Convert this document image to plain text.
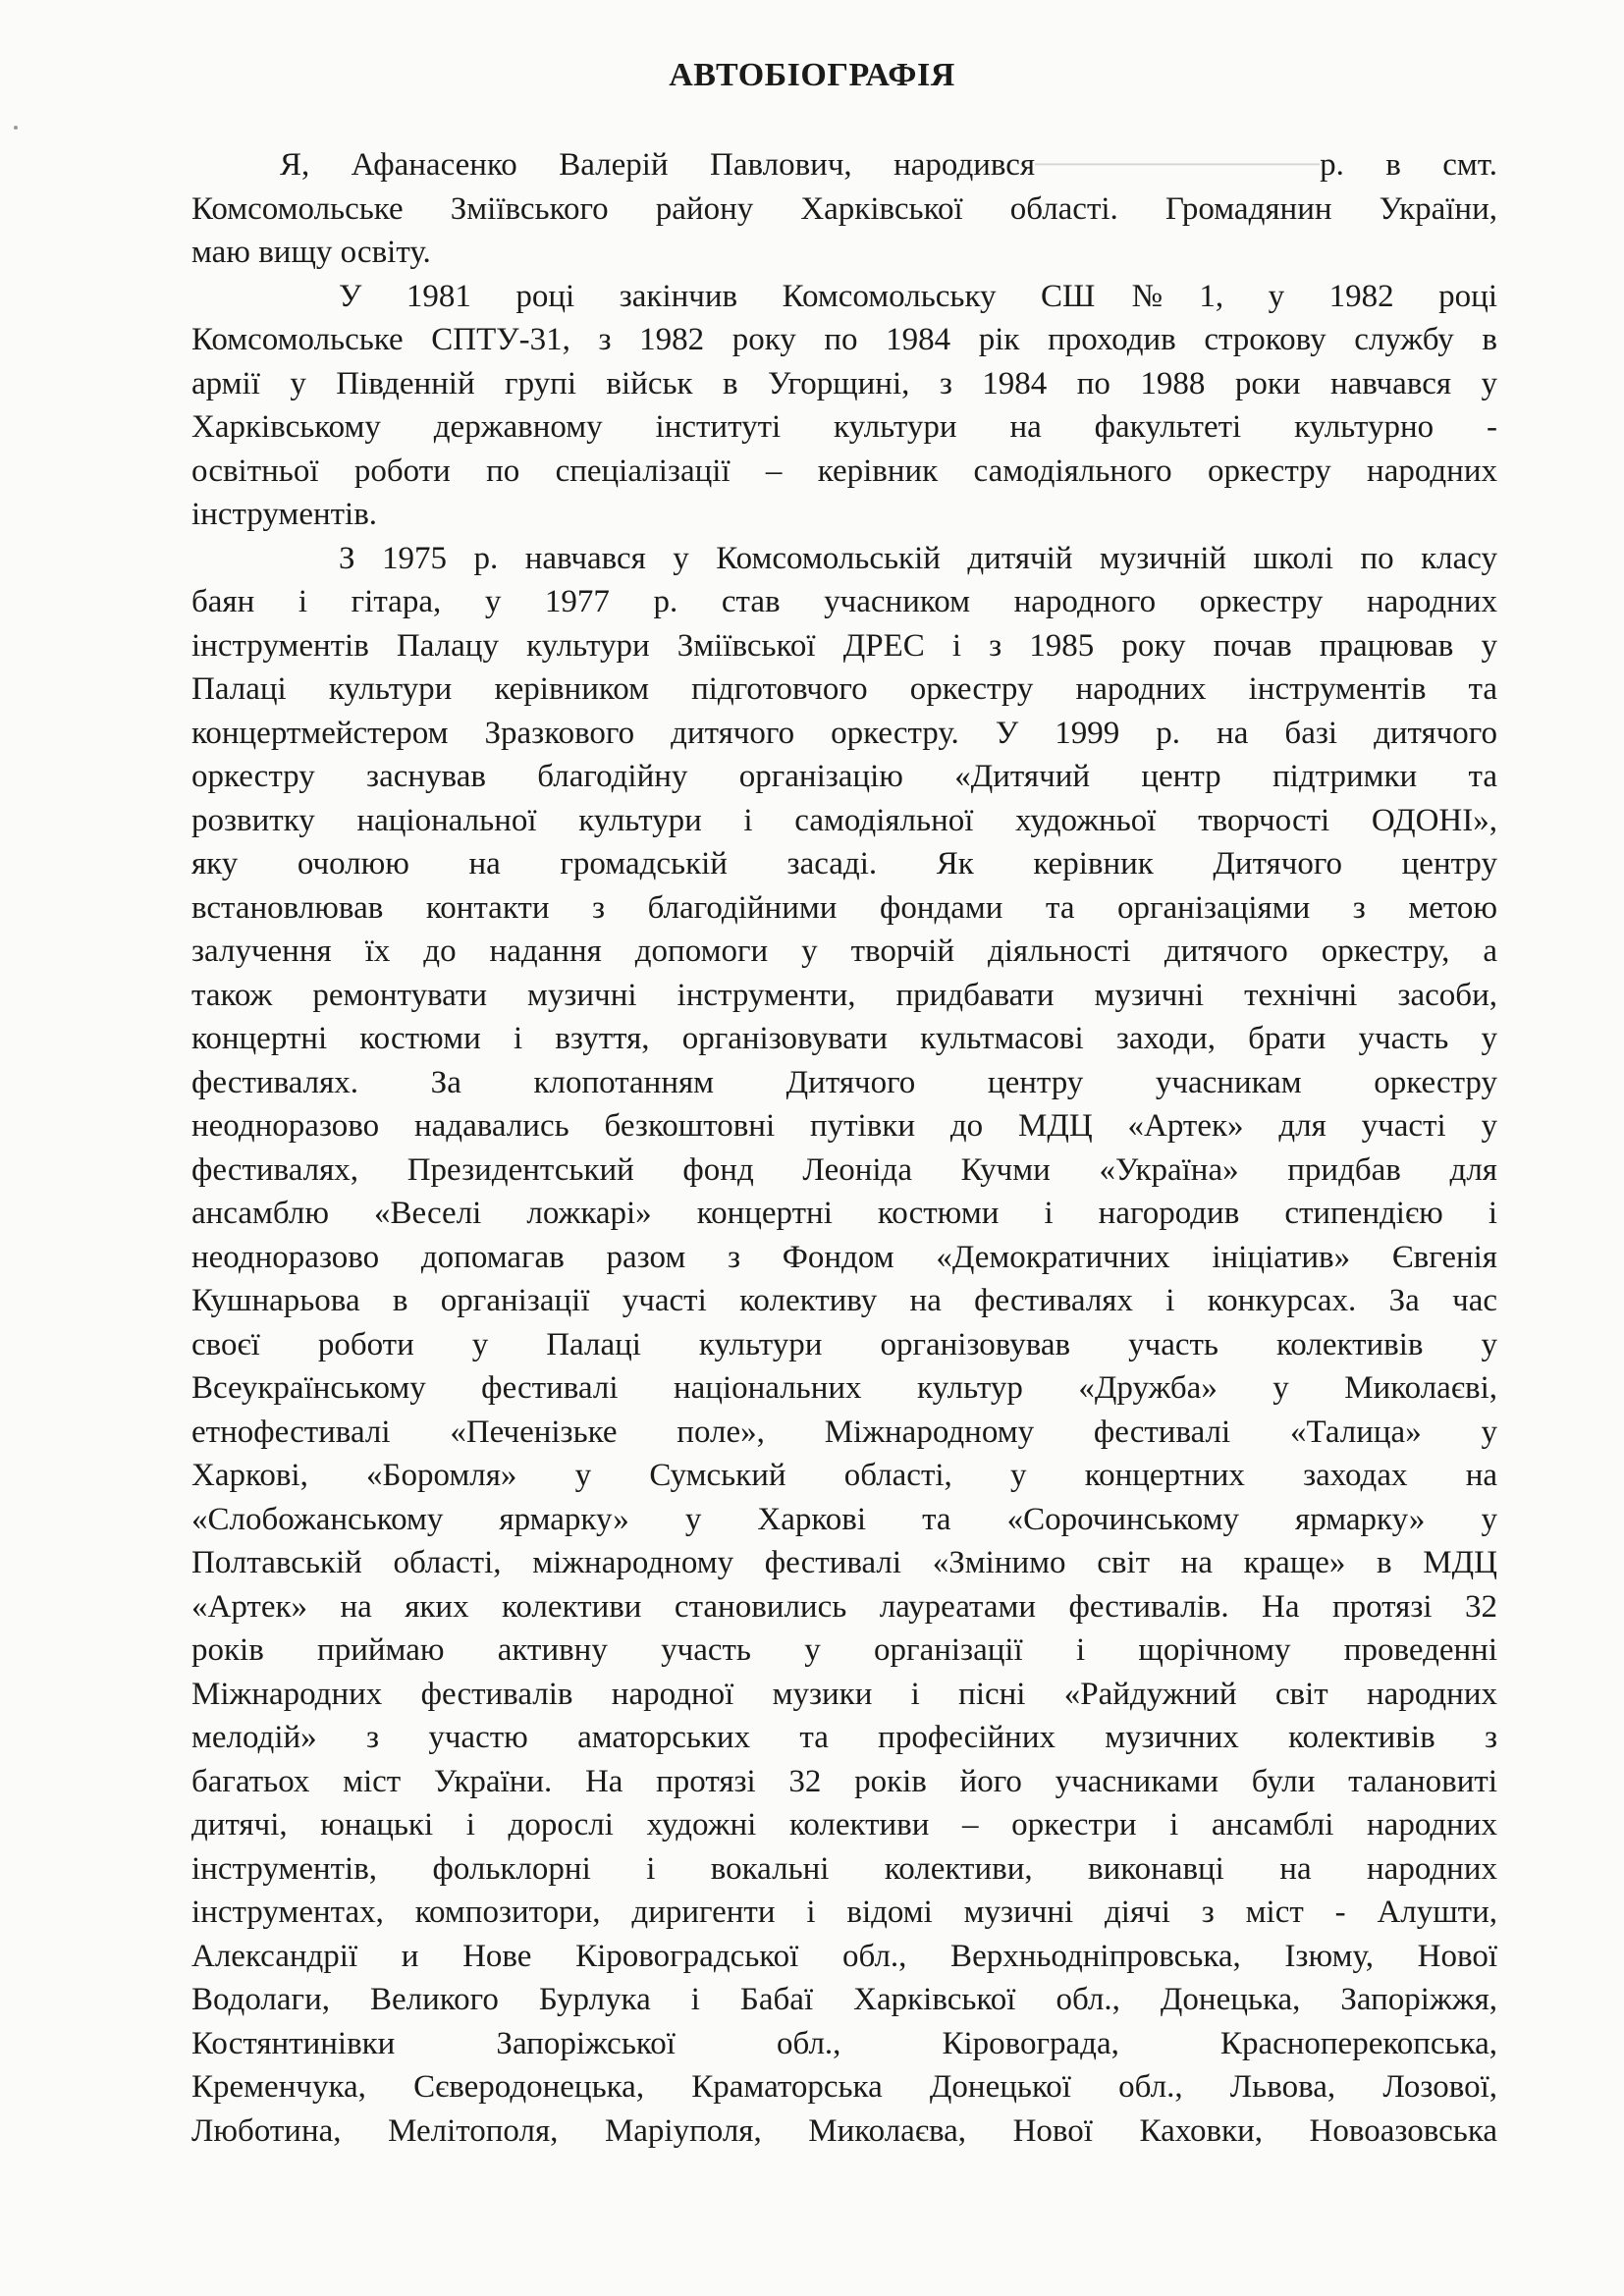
АВТОБІОГРАФІЯ
Я, Афанасенко Валерій Павлович, народився	р. в смт.
Комсомольське Зміївського району Харківської області. Громадянин України,
маю вищу освіту.
У 1981 році закінчив Комсомольську СШ№1, у 1982 році
Комсомольське СПТУ-31, з 1982 року по 1984 рік проходив строкову службу в
армії у Південній групі військ в Угорщині, з 1984 по 1988 роки навчався у
Харківському державному інституті культури на факультеті культурно -
освітньої роботи по спеціалізації – керівник самодіяльного оркестру народних
інструментів.
З 1975 р. навчався у Комсомольській дитячій музичній школі по класу
баян і гітара, у 1977 р. став учасником народного оркестру народних
інструментів Палацу культури Зміївської ДРЕС і з 1985 року почав працював у
Палаці культури керівником підготовчого оркестру народних інструментів та
концертмейстером Зразкового дитячого оркестру. У 1999 р. на базі дитячого
оркестру заснував благодійну організацію «Дитячий центр підтримки та
розвитку національної культури і самодіяльної художньої творчості ОДОНІ»,
яку очолюю на громадській засаді. Як керівник Дитячого центру
встановлював контакти з благодійними фондами та організаціями з метою
залучення їх до надання допомоги у творчій діяльності дитячого оркестру, а
також ремонтувати музичні інструменти, придбавати музичні технічні засоби,
концертні костюми і взуття, організовувати культмасові заходи, брати участь у
фестивалях. За клопотанням Дитячого центру учасникам оркестру
неодноразово надавались безкоштовні путівки до МДЦ «Артек» для участі у
фестивалях, Президентський фонд Леоніда Кучми «Україна» придбав для
ансамблю «Веселі ложкарі» концертні костюми і нагородив стипендією і
неодноразово допомагав разом з Фондом «Демократичних ініціатив» Євгенія
Кушнарьова в організації участі колективу на фестивалях і конкурсах. За час
своєї роботи у Палаці культури організовував участь колективів у
Всеукраїнському фестивалі національних культур «Дружба» у Миколаєві,
етнофестивалі «Печенізьке поле», Міжнародному фестивалі «Талица» у
Харкові, «Боромля» у Сумський області, у концертних заходах на
«Слобожанському ярмарку» у Харкові та «Сорочинському ярмарку» у
Полтавській області, міжнародному фестивалі «Змінимо світ на краще» в МДЦ
«Артек» на яких колективи становились лауреатами фестивалів. На протязі 32
років приймаю активну участь у організації і щорічному проведенні
Міжнародних фестивалів народної музики і пісні «Райдужний світ народних
мелодій» з участю аматорських та професійних музичних колективів з
багатьох міст України. На протязі 32 років його учасниками були талановиті
дитячі, юнацькі і дорослі художні колективи – оркестри і ансамблі народних
інструментів, фольклорні і вокальні колективи, виконавці на народних
інструментах, композитори, диригенти і відомі музичні діячі з міст - Алушти,
Александрії и Нове Кіровоградської обл., Верхньодніпровська, Ізюму, Нової
Водолаги, Великого Бурлука і Бабаї Харківської обл., Донецька, Запоріжжя,
Костянтинівки Запоріжської обл., Кіровограда, Красноперекопська,
Кременчука, Сєверодонецька, Краматорська Донецької обл., Львова, Лозової,
Люботина, Мелітополя, Маріуполя, Миколаєва, Нової Каховки, Новоазовська
